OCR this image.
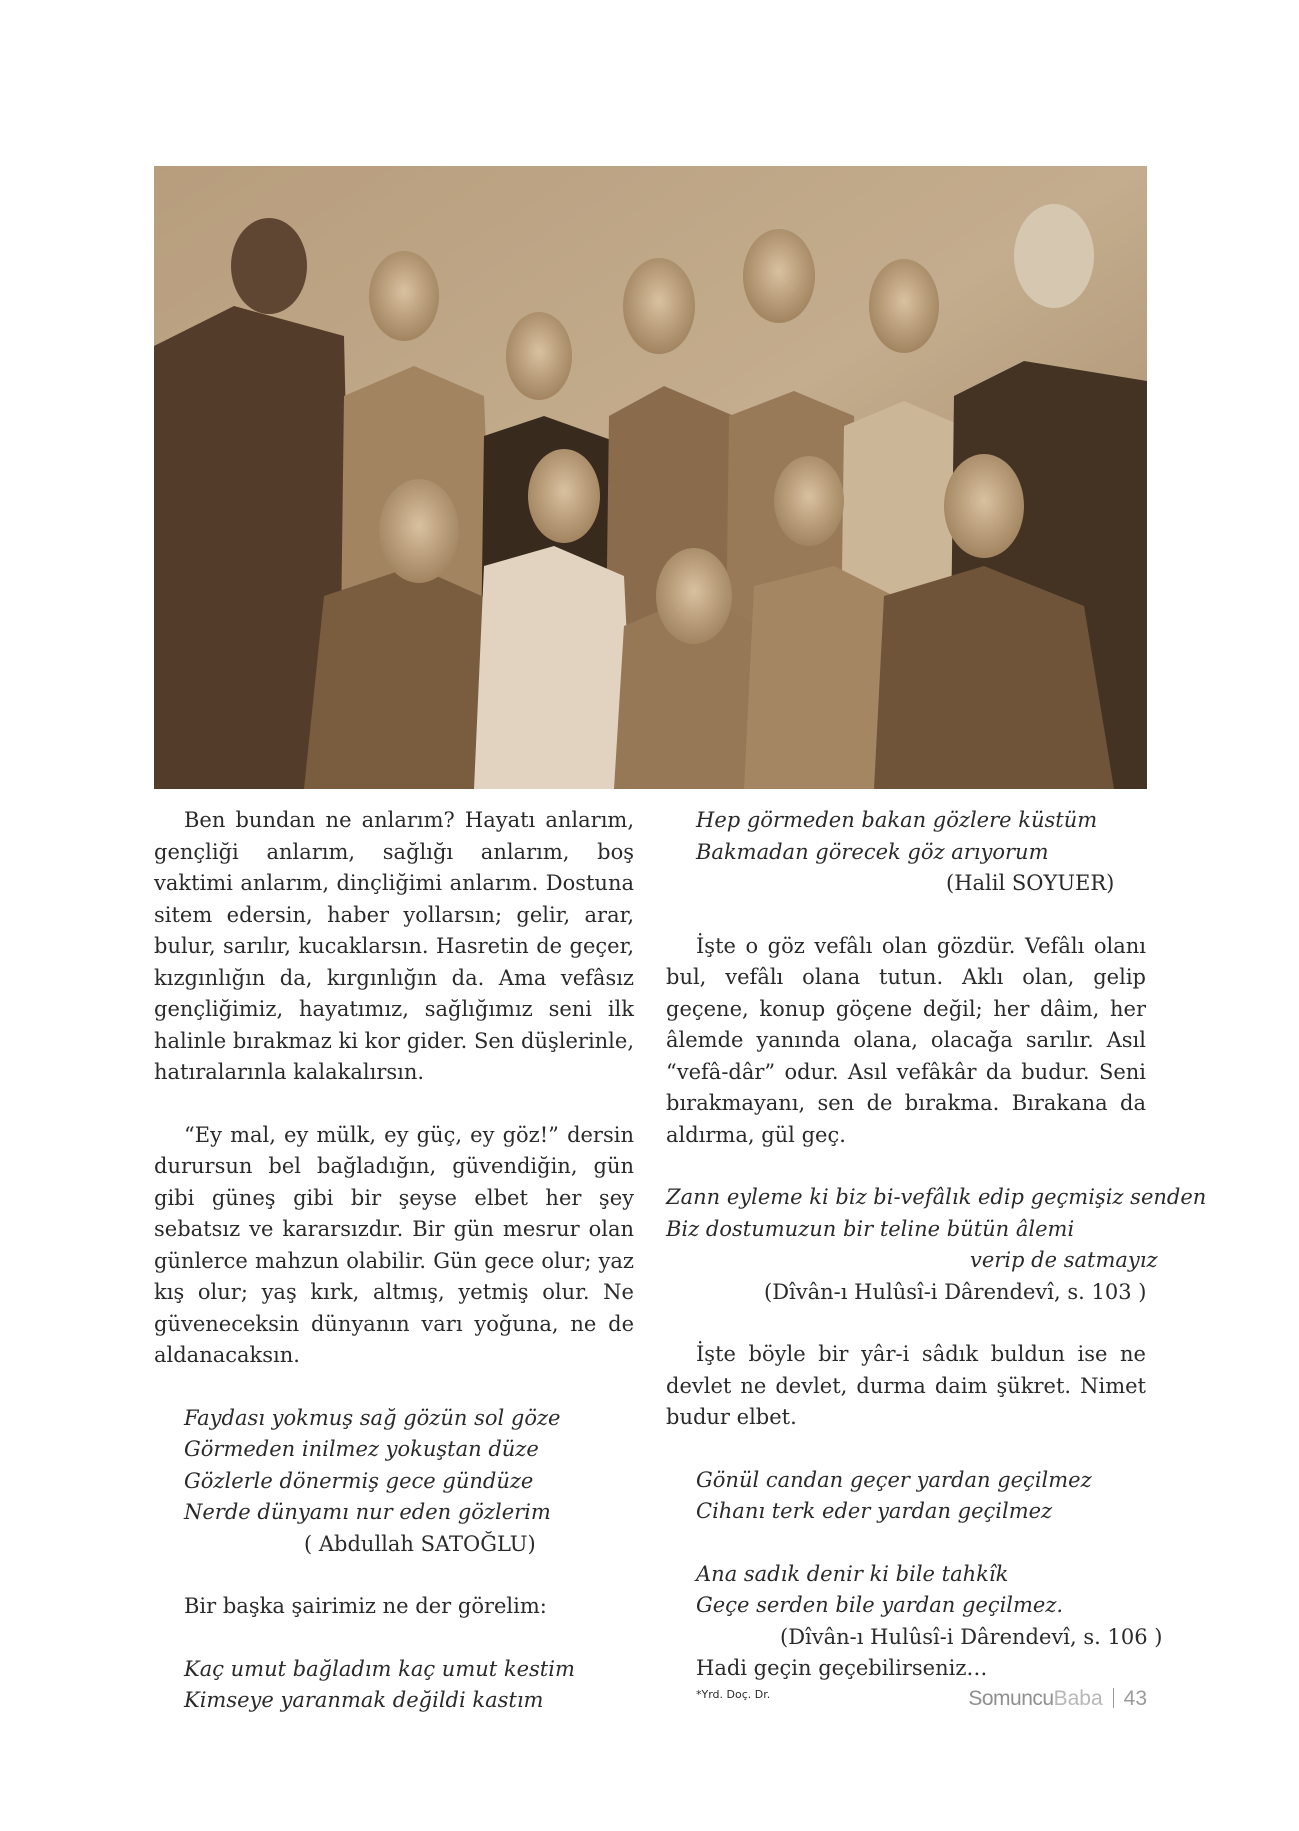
Ben bundan ne anlarım? Hayatı anlarım, gençliği anlarım, sağlığı anlarım, boş vaktimi anlarım, dinçliğimi anlarım. Dostuna sitem edersin, haber yollarsın; gelir, arar, bulur, sarılır, kucaklarsın. Hasretin de geçer, kızgınlığın da, kırgınlığın da. Ama vefâsız gençliğimiz, hayatımız, sağlığımız seni ilk halinle bırakmaz ki kor gider. Sen düşlerinle, hatıralarınla kalakalırsın.

“Ey mal, ey mülk, ey güç, ey göz!” dersin durursun bel bağladığın, güvendiğin, gün gibi güneş gibi bir şeyse elbet her şey sebatsız ve kararsızdır. Bir gün mesrur olan günlerce mahzun olabilir. Gün gece olur; yaz kış olur; yaş kırk, altmış, yetmiş olur. Ne güveneceksin dünyanın varı yoğuna, ne de aldanacaksın.

Faydası yokmuş sağ gözün sol göze
Görmeden inilmez yokuştan düze
Gözlerle dönermiş gece gündüze
Nerde dünyamı nur eden gözlerim
( Abdullah SATOĞLU)
Bir başka şairimiz ne der görelim:
Kaç umut bağladım kaç umut kestim
Kimseye yaranmak değildi kastım
Hep görmeden bakan gözlere küstüm
Bakmadan görecek göz arıyorum
(Halil SOYUER)

İşte o göz vefâlı olan gözdür. Vefâlı olanı bul, vefâlı olana tutun. Aklı olan, gelip geçene, konup göçene değil; her dâim, her âlemde yanında olana, olacağa sarılır. Asıl “vefâ-dâr” odur. Asıl vefâkâr da budur. Seni bırakmayanı, sen de bırakma. Bırakana da aldırma, gül geç.

Zann eyleme ki biz bi-vefâlık edip geçmişiz senden
Biz dostumuzun bir teline bütün âlemi
verip de satmayız
(Dîvân-ı Hulûsî-i Dârendevî, s. 103 )

İşte böyle bir yâr-i sâdık buldun ise ne devlet ne devlet, durma daim şükret. Nimet budur elbet.

Gönül candan geçer yardan geçilmez
Cihanı terk eder yardan geçilmez
Ana sadık denir ki bile tahkîk
Geçe serden bile yardan geçilmez.
(Dîvân-ı Hulûsî-i Dârendevî, s. 106 )
Hadi geçin geçebilirseniz…
*Yrd. Doç. Dr.	SomuncuBaba 43
